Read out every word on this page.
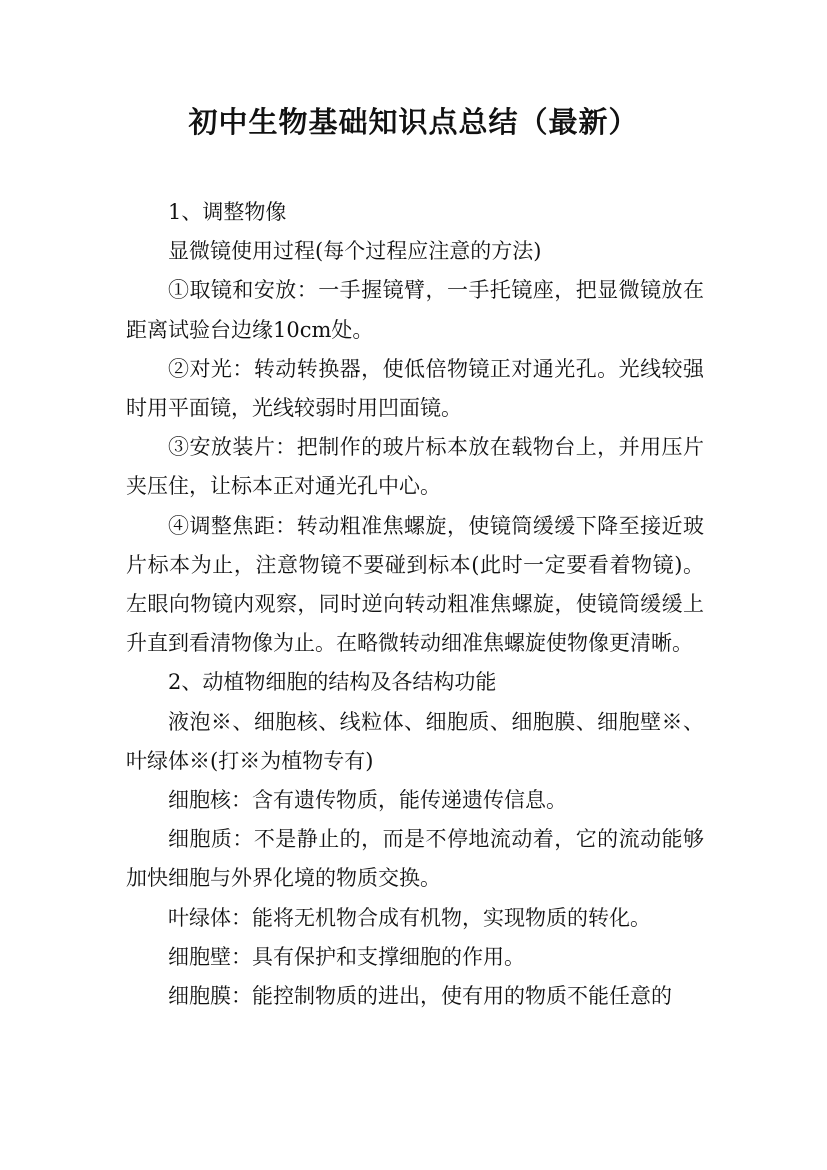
初中生物基础知识点总结（最新）

1、调整物像

显微镜使用过程(每个过程应注意的方法)

①取镜和安放：一手握镜臂，一手托镜座，把显微镜放在距离试验台边缘10cm处。

②对光：转动转换器，使低倍物镜正对通光孔。光线较强时用平面镜，光线较弱时用凹面镜。

③安放装片：把制作的玻片标本放在载物台上，并用压片夹压住，让标本正对通光孔中心。

④调整焦距：转动粗准焦螺旋，使镜筒缓缓下降至接近玻片标本为止，注意物镜不要碰到标本(此时一定要看着物镜)。左眼向物镜内观察，同时逆向转动粗准焦螺旋，使镜筒缓缓上升直到看清物像为止。在略微转动细准焦螺旋使物像更清晰。

2、动植物细胞的结构及各结构功能

液泡※、细胞核、线粒体、细胞质、细胞膜、细胞壁※、叶绿体※(打※为植物专有)

细胞核：含有遗传物质，能传递遗传信息。

细胞质：不是静止的，而是不停地流动着，它的流动能够加快细胞与外界化境的物质交换。

叶绿体：能将无机物合成有机物，实现物质的转化。

细胞壁：具有保护和支撑细胞的作用。

细胞膜：能控制物质的进出，使有用的物质不能任意的
